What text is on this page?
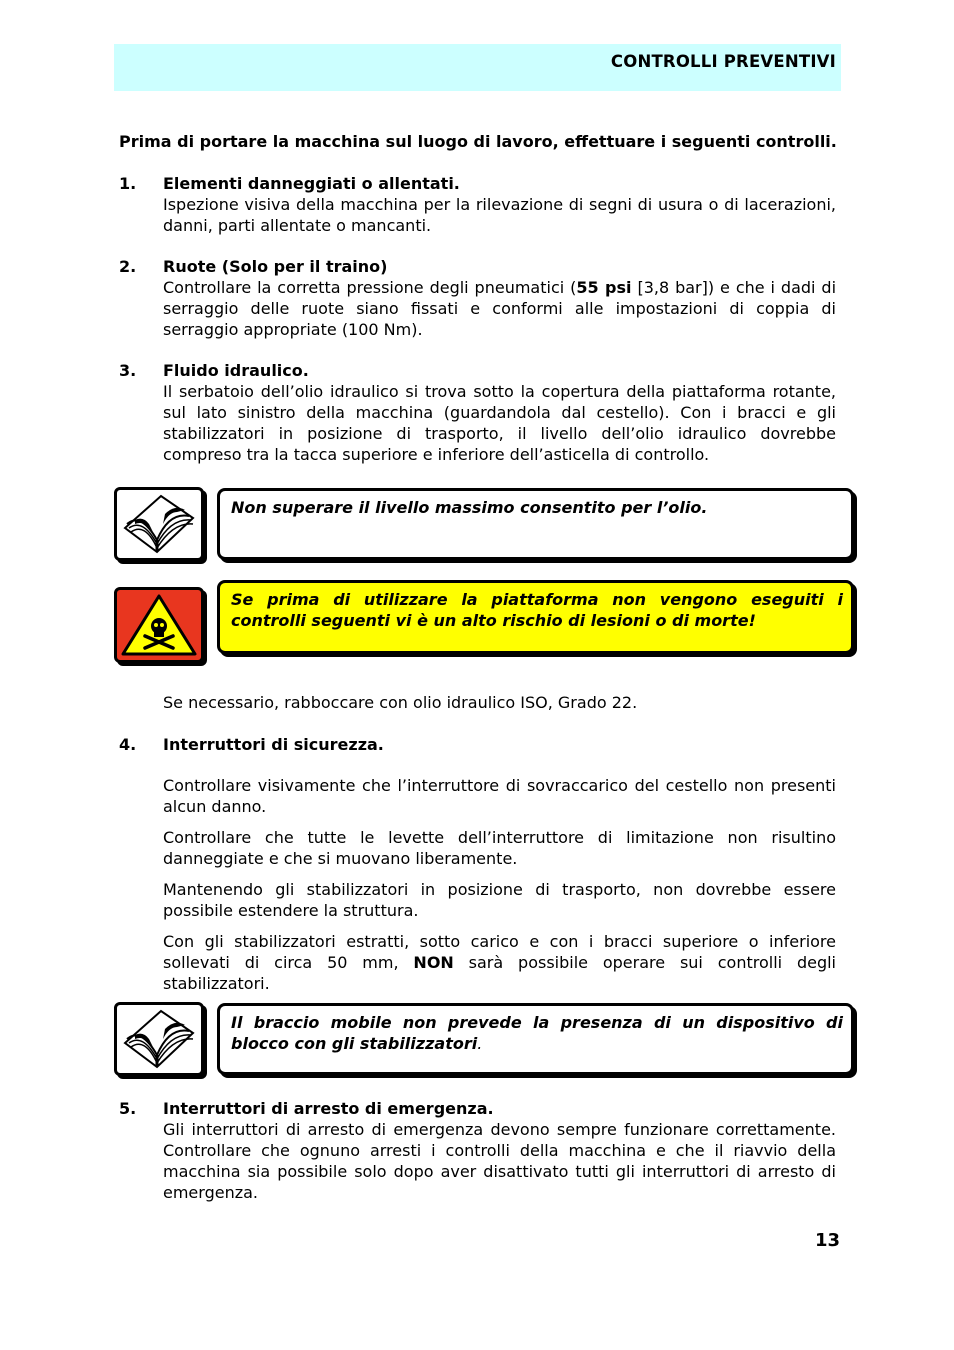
CONTROLLI PREVENTIVI
Prima di portare la macchina sul luogo di lavoro, effettuare i seguenti controlli.
1. Elementi danneggiati o allentati.
Ispezione visiva della macchina per la rilevazione di segni di usura o di lacerazioni, danni, parti allentate o mancanti.
2. Ruote (Solo per il traino)
Controllare la corretta pressione degli pneumatici (55 psi [3,8 bar]) e che i dadi di serraggio delle ruote siano fissati e conformi alle impostazioni di coppia di serraggio appropriate (100 Nm).
3. Fluido idraulico.
Il serbatoio dell’olio idraulico si trova sotto la copertura della piattaforma rotante, sul lato sinistro della macchina (guardandola dal cestello). Con i bracci e gli stabilizzatori in posizione di trasporto, il livello dell’olio idraulico dovrebbe compreso tra la tacca superiore e inferiore dell’asticella di controllo.
Non superare il livello massimo consentito per l’olio.
Se prima di utilizzare la piattaforma non vengono eseguiti i controlli seguenti vi è un alto rischio di lesioni o di morte!
Se necessario, rabboccare con olio idraulico ISO, Grado 22.
4. Interruttori di sicurezza.
Controllare visivamente che l’interruttore di sovraccarico del cestello non presenti alcun danno.
Controllare che tutte le levette dell’interruttore di limitazione non risultino danneggiate e che si muovano liberamente.
Mantenendo gli stabilizzatori in posizione di trasporto, non dovrebbe essere possibile estendere la struttura.
Con gli stabilizzatori estratti, sotto carico e con i bracci superiore o inferiore sollevati di circa 50 mm, NON sarà possibile operare sui controlli degli stabilizzatori.
Il braccio mobile non prevede la presenza di un dispositivo di blocco con gli stabilizzatori.
5. Interruttori di arresto di emergenza.
Gli interruttori di arresto di emergenza devono sempre funzionare correttamente. Controllare che ognuno arresti i controlli della macchina e che il riavvio della macchina sia possibile solo dopo aver disattivato tutti gli interruttori di arresto di emergenza.
13
